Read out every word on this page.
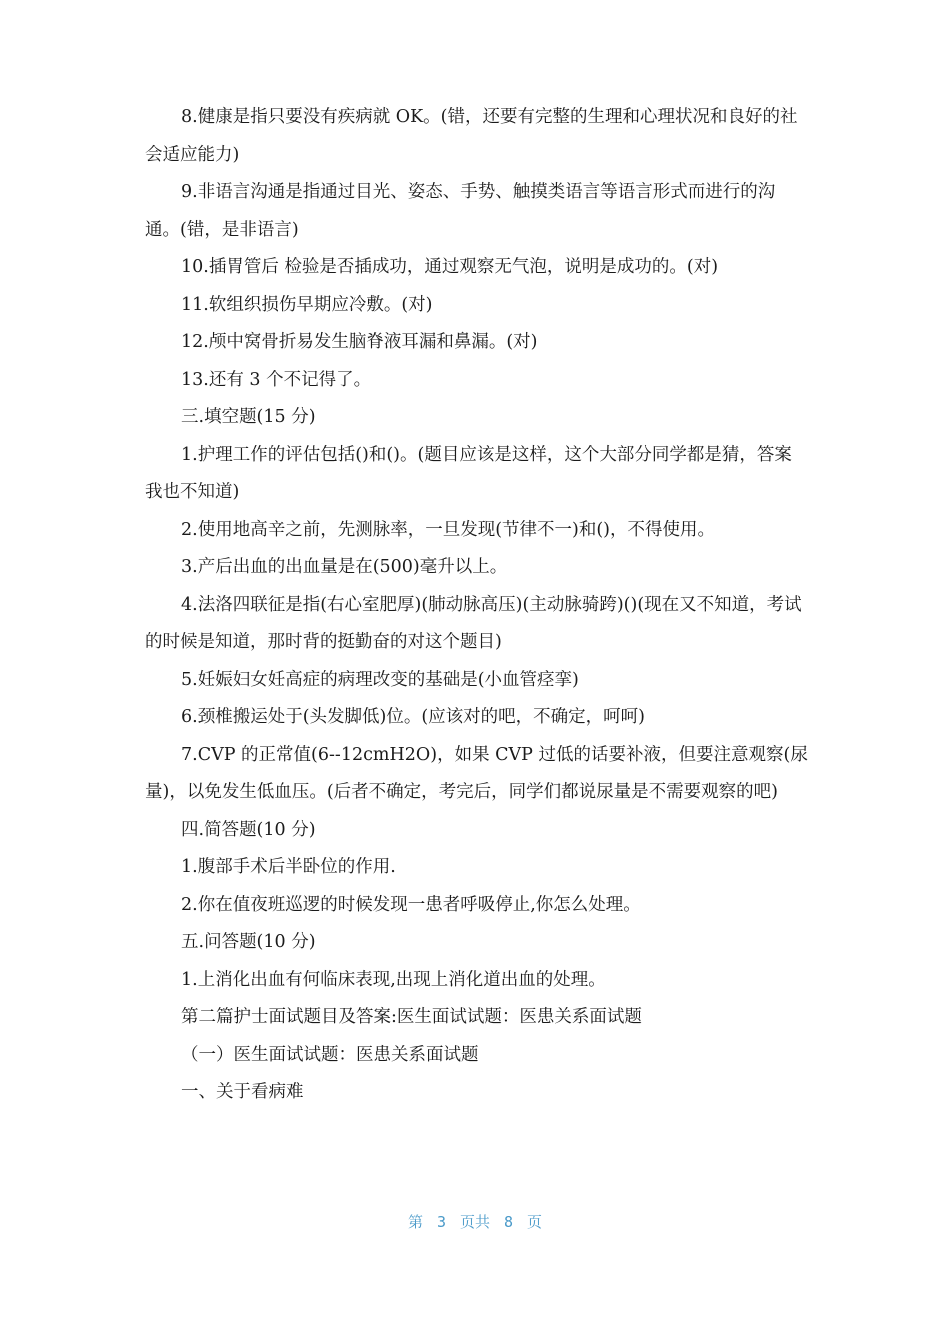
8.健康是指只要没有疾病就 OK。(错，还要有完整的生理和心理状况和良好的社会适应能力)

9.非语言沟通是指通过目光、姿态、手势、触摸类语言等语言形式而进行的沟通。(错，是非语言)

10.插胃管后 检验是否插成功，通过观察无气泡，说明是成功的。(对)

11.软组织损伤早期应冷敷。(对)

12.颅中窝骨折易发生脑脊液耳漏和鼻漏。(对)

13.还有 3 个不记得了。

三.填空题(15 分)

1.护理工作的评估包括()和()。(题目应该是这样，这个大部分同学都是猜，答案我也不知道)

2.使用地高辛之前，先测脉率，一旦发现(节律不一)和()，不得使用。

3.产后出血的出血量是在(500)毫升以上。

4.法洛四联征是指(右心室肥厚)(肺动脉高压)(主动脉骑跨)()(现在又不知道，考试的时候是知道，那时背的挺勤奋的对这个题目)

5.妊娠妇女妊高症的病理改变的基础是(小血管痉挛)

6.颈椎搬运处于(头发脚低)位。(应该对的吧，不确定，呵呵)

7.CVP 的正常值(6--12cmH2O)，如果 CVP 过低的话要补液，但要注意观察(尿量)，以免发生低血压。(后者不确定，考完后，同学们都说尿量是不需要观察的吧)

四.简答题(10 分)

1.腹部手术后半卧位的作用.

2.你在值夜班巡逻的时候发现一患者呼吸停止,你怎么处理。

五.问答题(10 分)

1.上消化出血有何临床表现,出现上消化道出血的处理。

第二篇护士面试题目及答案:医生面试试题：医患关系面试题

（一）医生面试试题：医患关系面试题

一、关于看病难

第 3 页共 8 页
